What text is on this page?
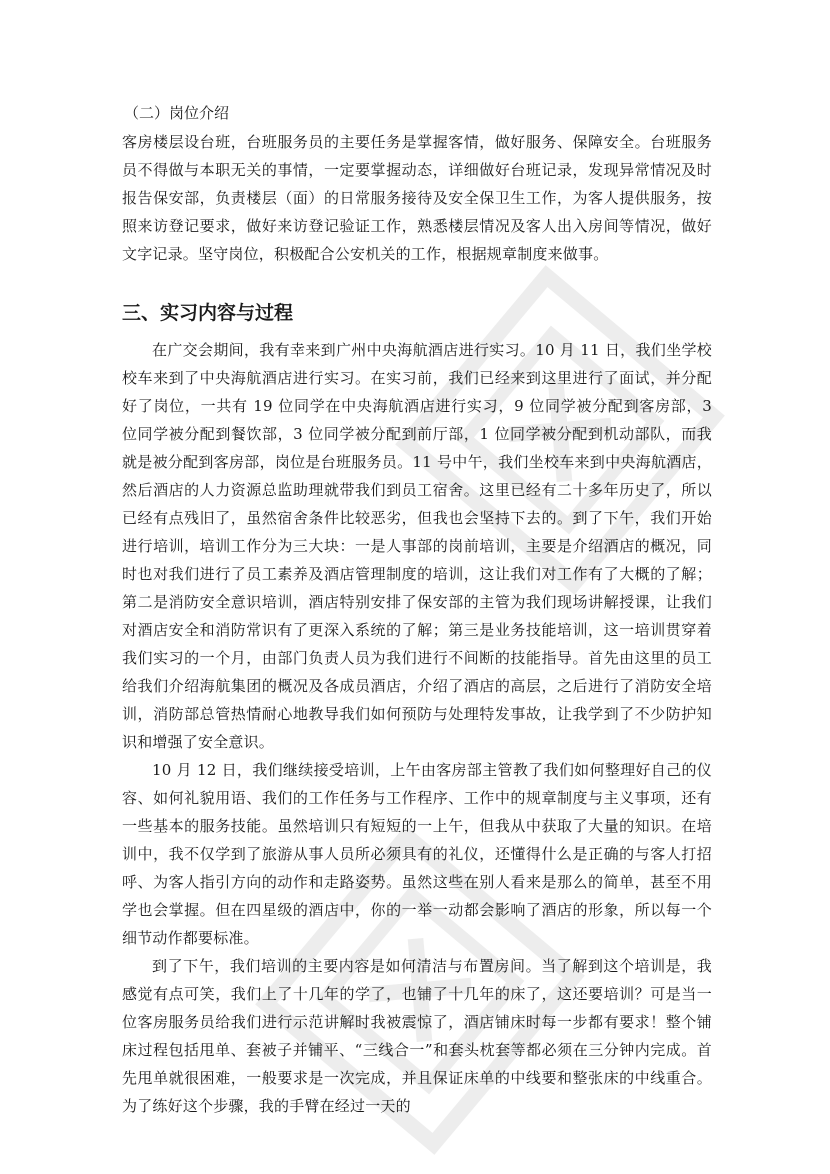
（二）岗位介绍

客房楼层设台班，台班服务员的主要任务是掌握客情，做好服务、保障安全。台班服务员不得做与本职无关的事情，一定要掌握动态，详细做好台班记录，发现异常情况及时报告保安部，负责楼层（面）的日常服务接待及安全保卫生工作，为客人提供服务，按照来访登记要求，做好来访登记验证工作，熟悉楼层情况及客人出入房间等情况，做好文字记录。坚守岗位，积极配合公安机关的工作，根据规章制度来做事。

三、实习内容与过程

在广交会期间，我有幸来到广州中央海航酒店进行实习。10 月 11 日，我们坐学校校车来到了中央海航酒店进行实习。在实习前，我们已经来到这里进行了面试，并分配好了岗位，一共有 19 位同学在中央海航酒店进行实习，9 位同学被分配到客房部，3 位同学被分配到餐饮部，3 位同学被分配到前厅部，1 位同学被分配到机动部队，而我就是被分配到客房部，岗位是台班服务员。11 号中午，我们坐校车来到中央海航酒店，然后酒店的人力资源总监助理就带我们到员工宿舍。这里已经有二十多年历史了，所以已经有点残旧了，虽然宿舍条件比较恶劣，但我也会坚持下去的。到了下午，我们开始进行培训，培训工作分为三大块：一是人事部的岗前培训，主要是介绍酒店的概况，同时也对我们进行了员工素养及酒店管理制度的培训，这让我们对工作有了大概的了解；第二是消防安全意识培训，酒店特别安排了保安部的主管为我们现场讲解授课，让我们对酒店安全和消防常识有了更深入系统的了解；第三是业务技能培训，这一培训贯穿着我们实习的一个月，由部门负责人员为我们进行不间断的技能指导。首先由这里的员工给我们介绍海航集团的概况及各成员酒店，介绍了酒店的高层，之后进行了消防安全培训，消防部总管热情耐心地教导我们如何预防与处理特发事故，让我学到了不少防护知识和增强了安全意识。

10 月 12 日，我们继续接受培训，上午由客房部主管教了我们如何整理好自己的仪容、如何礼貌用语、我们的工作任务与工作程序、工作中的规章制度与主义事项，还有一些基本的服务技能。虽然培训只有短短的一上午，但我从中获取了大量的知识。在培训中，我不仅学到了旅游从事人员所必须具有的礼仪，还懂得什么是正确的与客人打招呼、为客人指引方向的动作和走路姿势。虽然这些在别人看来是那么的简单，甚至不用学也会掌握。但在四星级的酒店中，你的一举一动都会影响了酒店的形象，所以每一个细节动作都要标准。

到了下午，我们培训的主要内容是如何清洁与布置房间。当了解到这个培训是，我感觉有点可笑，我们上了十几年的学了，也铺了十几年的床了，这还要培训？可是当一位客房服务员给我们进行示范讲解时我被震惊了，酒店铺床时每一步都有要求！整个铺床过程包括甩单、套被子并铺平、“三线合一”和套头枕套等都必须在三分钟内完成。首先甩单就很困难，一般要求是一次完成，并且保证床单的中线要和整张床的中线重合。为了练好这个步骤，我的手臂在经过一天的
